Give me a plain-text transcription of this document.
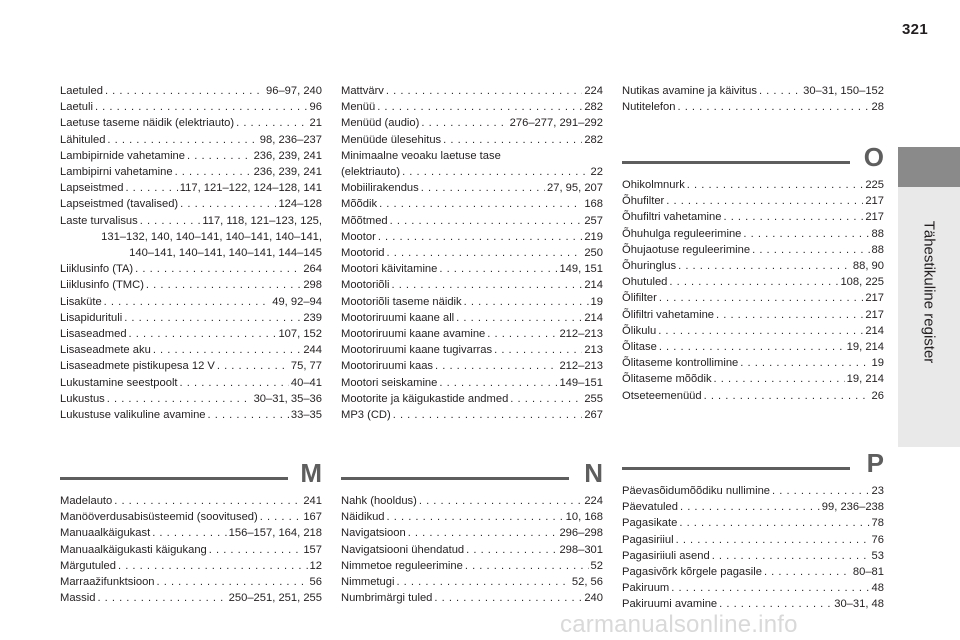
321
Tähestikuline register
Laetuled . . .	96–97, 240
Laetuli . . .	96
Laetuse taseme näidik (elektriauto) . . .	21
Lähituled . . .	98, 236–237
Lambipirnide vahetamine . . .	236, 239, 241
Lambipirni vahetamine . . .	236, 239, 241
Lapseistmed . . .	117, 121–122, 124–128, 141
Lapseistmed (tavalised) . . .	124–128
Laste turvalisus . . .	117, 118, 121–123, 125,
131–132, 140, 140–141, 140–141, 140–141,
140–141, 140–141, 140–141, 144–145
Liiklusinfo (TA) . . .	264
Liiklusinfo (TMC) . . .	298
Lisaküte . . .	49, 92–94
Lisapidurituli . . .	239
Lisaseadmed . . .	107, 152
Lisaseadmete aku . . .	244
Lisaseadmete pistikupesa 12 V . . .	75, 77
Lukustamine seestpoolt . . .	40–41
Lukustus . . .	30–31, 35–36
Lukustuse valikuline avamine . . .	33–35
M
Madelauto . . .	241
Manööverdusabisüsteemid (soovitused) . . .	167
Manuaalkäigukast . . .	156–157, 164, 218
Manuaalkäigukasti käigukang . . .	157
Märgutuled . . .	12
Marraažifunktsioon . . .	56
Massid . . .	250–251, 251, 255
Mattvärv . . .	224
Menüü . . .	282
Menüüd (audio) . . .	276–277, 291–292
Menüüde ülesehitus . . .	282
Minimaalne veoaku laetuse tase
(elektriauto) . . .	22
Mobiilirakendus . . .	27, 95, 207
Mõõdik . . .	168
Mõõtmed . . .	257
Mootor . . .	219
Mootorid . . .	250
Mootori käivitamine . . .	149, 151
Mootoriõli . . .	214
Mootoriõli taseme näidik . . .	19
Mootoriruumi kaane all . . .	214
Mootoriruumi kaane avamine . . .	212–213
Mootoriruumi kaane tugivarras . . .	213
Mootoriruumi kaas . . .	212–213
Mootori seiskamine . . .	149–151
Mootorite ja käigukastide andmed . . .	255
MP3 (CD) . . .	267
N
Nahk (hooldus) . . .	224
Näidikud . . .	10, 168
Navigatsioon . . .	296–298
Navigatsiooni ühendatud . . .	298–301
Nimmetoe reguleerimine . . .	52
Nimmetugi . . .	52, 56
Numbrimärgi tuled . . .	240
Nutikas avamine ja käivitus . . .	30–31, 150–152
Nutitelefon . . .	28
O
Ohikolmnurk . . .	225
Õhufilter . . .	217
Õhufiltri vahetamine . . .	217
Õhuhulga reguleerimine . . .	88
Õhujaotuse reguleerimine . . .	88
Õhuringlus . . .	88, 90
Ohutuled . . .	108, 225
Õlifilter . . .	217
Õlifiltri vahetamine . . .	217
Õlikulu . . .	214
Õlitase . . .	19, 214
Õlitaseme kontrollimine . . .	19
Õlitaseme mõõdik . . .	19, 214
Otseteemenüüd . . .	26
P
Päevasõidumõõdiku nullimine . . .	23
Päevatuled . . .	99, 236–238
Pagasikate . . .	78
Pagasiriiul . . .	76
Pagasiriiuli asend . . .	53
Pagasivõrk kõrgele pagasile . . .	80–81
Pakiruum . . .	48
Pakiruumi avamine . . .	30–31, 48
carmanualsonline.info
